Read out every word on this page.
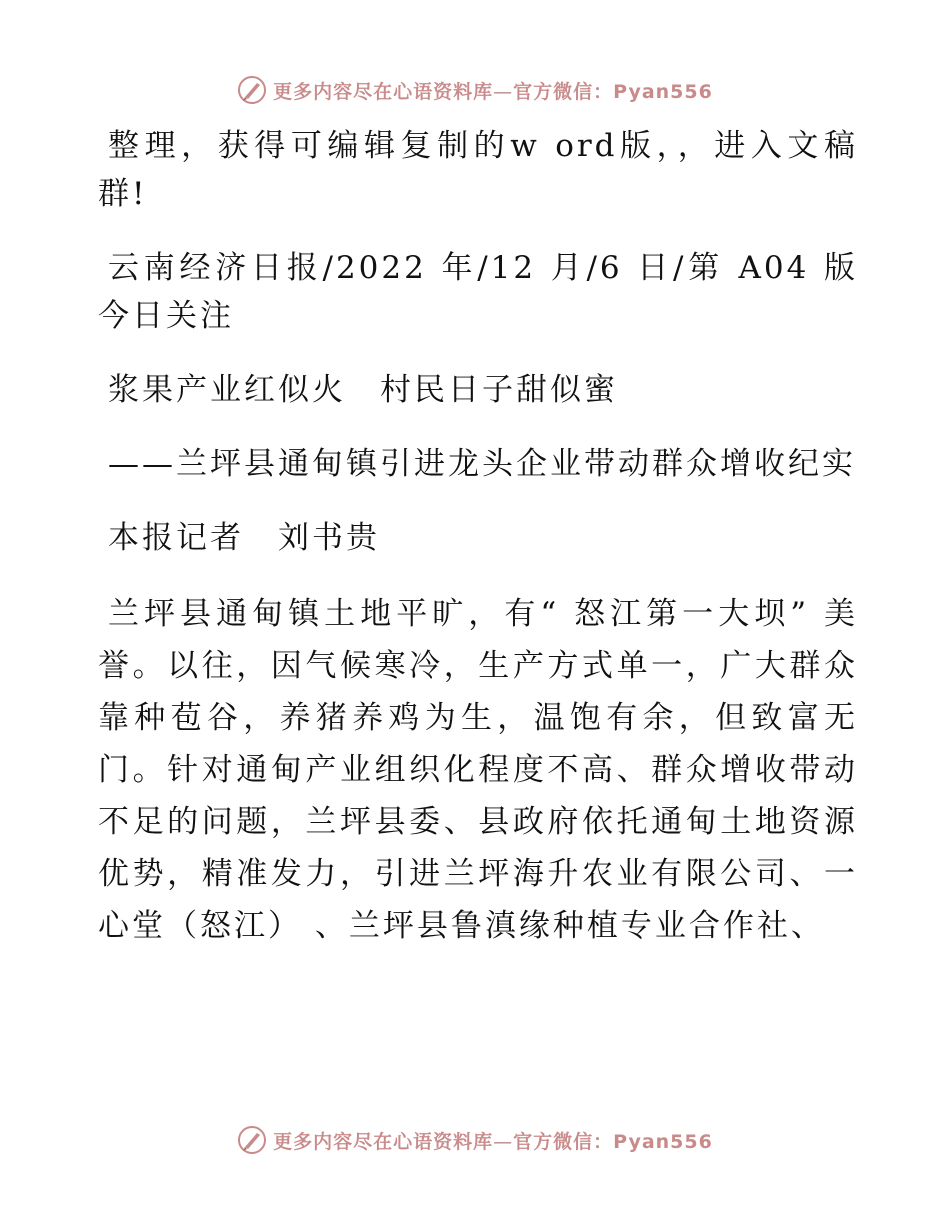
更多内容尽在心语资料库—官方微信：Pyan556

整理，获得可编辑复制的w ord版，，进入文稿群!

云南经济日报/2022 年/12 月/6 日/第 A04 版今日关注

浆果产业红似火　村民日子甜似蜜

——兰坪县通甸镇引进龙头企业带动群众增收纪实

本报记者　刘书贵

兰坪县通甸镇土地平旷，有“ 怒江第一大坝” 美誉。以往，因气候寒冷，生产方式单一，广大群众靠种苞谷，养猪养鸡为生，温饱有余，但致富无门。针对通甸产业组织化程度不高、群众增收带动不足的问题，兰坪县委、县政府依托通甸土地资源优势，精准发力，引进兰坪海升农业有限公司、一心堂（怒江） 、兰坪县鲁滇缘种植专业合作社、

更多内容尽在心语资料库—官方微信：Pyan556
